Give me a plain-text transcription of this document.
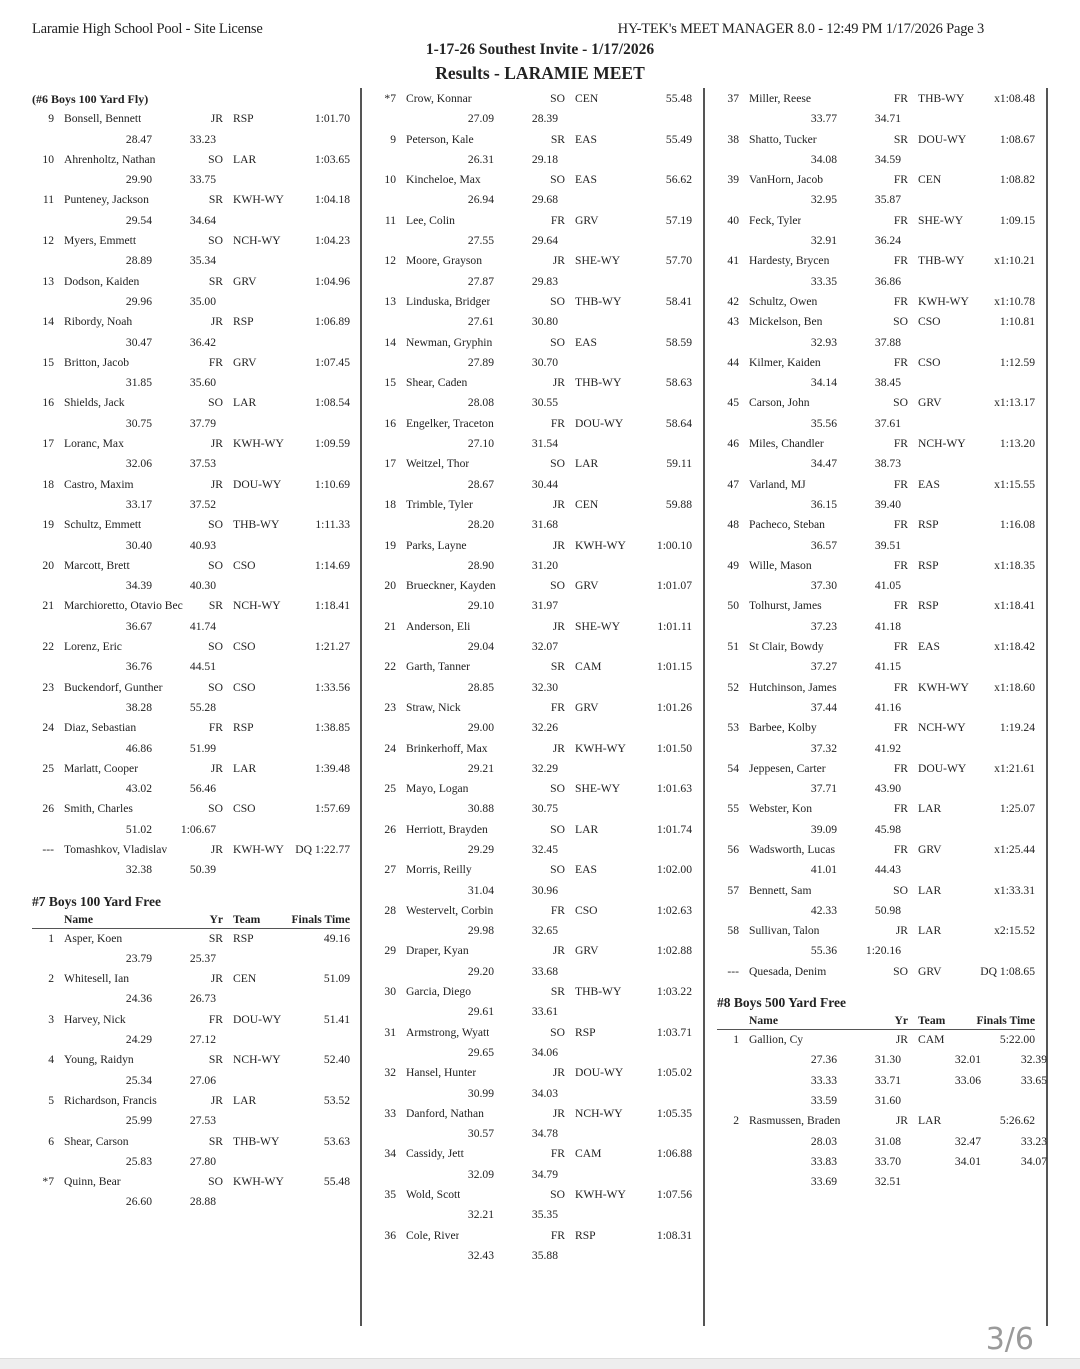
Laramie High School Pool - Site License	HY-TEK's MEET MANAGER 8.0 - 12:49 PM 1/17/2026 Page 3
1-17-26 Southest Invite - 1/17/2026
Results - LARAMIE MEET
(#6 Boys 100 Yard Fly)
9 Bonsell, Bennett	JR RSP	1:01.70
28.47	33.23
10 Ahrenholtz, Nathan	SO LAR	1:03.65
29.90	33.75
11 Punteney, Jackson	SR KWH-WY	1:04.18
29.54	34.64
12 Myers, Emmett	SO NCH-WY	1:04.23
28.89	35.34
13 Dodson, Kaiden	SR GRV	1:04.96
29.96	35.00
14 Ribordy, Noah	JR RSP	1:06.89
30.47	36.42
15 Britton, Jacob	FR GRV	1:07.45
31.85	35.60
16 Shields, Jack	SO LAR	1:08.54
30.75	37.79
17 Loranc, Max	JR KWH-WY	1:09.59
32.06	37.53
18 Castro, Maxim	JR DOU-WY	1:10.69
33.17	37.52
19 Schultz, Emmett	SO THB-WY	1:11.33
30.40	40.93
20 Marcott, Brett	SO CSO	1:14.69
34.39	40.30
21 Marchioretto, Otavio Bec	SR NCH-WY	1:18.41
36.67	41.74
22 Lorenz, Eric	SO CSO	1:21.27
36.76	44.51
23 Buckendorf, Gunther	SO CSO	1:33.56
38.28	55.28
24 Diaz, Sebastian	FR RSP	1:38.85
46.86	51.99
25 Marlatt, Cooper	JR LAR	1:39.48
43.02	56.46
26 Smith, Charles	SO CSO	1:57.69
51.02	1:06.67
--- Tomashkov, Vladislav	JR KWH-WY DQ 1:22.77
32.38	50.39
#7 Boys 100 Yard Free
Name	Yr Team	Finals Time
1 Asper, Koen	SR RSP	49.16
23.79	25.37
2 Whitesell, Ian	JR CEN	51.09
24.36	26.73
3 Harvey, Nick	FR DOU-WY	51.41
24.29	27.12
4 Young, Raidyn	SR NCH-WY	52.40
25.34	27.06
5 Richardson, Francis	JR LAR	53.52
25.99	27.53
6 Shear, Carson	SR THB-WY	53.63
25.83	27.80
*7 Quinn, Bear	SO KWH-WY	55.48
26.60	28.88
*7 Crow, Konnar	SO CEN	55.48
27.09	28.39
9 Peterson, Kale	SR EAS	55.49
26.31	29.18
10 Kincheloe, Max	SO EAS	56.62
26.94	29.68
11 Lee, Colin	FR GRV	57.19
27.55	29.64
12 Moore, Grayson	JR SHE-WY	57.70
27.87	29.83
13 Linduska, Bridger	SO THB-WY	58.41
27.61	30.80
14 Newman, Gryphin	SO EAS	58.59
27.89	30.70
15 Shear, Caden	JR THB-WY	58.63
28.08	30.55
16 Engelker, Traceton	FR DOU-WY	58.64
27.10	31.54
17 Weitzel, Thor	SO LAR	59.11
28.67	30.44
18 Trimble, Tyler	JR CEN	59.88
28.20	31.68
19 Parks, Layne	JR KWH-WY	1:00.10
28.90	31.20
20 Brueckner, Kayden	SO GRV	1:01.07
29.10	31.97
21 Anderson, Eli	JR SHE-WY	1:01.11
29.04	32.07
22 Garth, Tanner	SR CAM	1:01.15
28.85	32.30
23 Straw, Nick	FR GRV	1:01.26
29.00	32.26
24 Brinkerhoff, Max	JR KWH-WY	1:01.50
29.21	32.29
25 Mayo, Logan	SO SHE-WY	1:01.63
30.88	30.75
26 Herriott, Brayden	SO LAR	1:01.74
29.29	32.45
27 Morris, Reilly	SO EAS	1:02.00
31.04	30.96
28 Westervelt, Corbin	FR CSO	1:02.63
29.98	32.65
29 Draper, Kyan	JR GRV	1:02.88
29.20	33.68
30 Garcia, Diego	SR THB-WY	1:03.22
29.61	33.61
31 Armstrong, Wyatt	SO RSP	1:03.71
29.65	34.06
32 Hansel, Hunter	JR DOU-WY	1:05.02
30.99	34.03
33 Danford, Nathan	JR NCH-WY	1:05.35
30.57	34.78
34 Cassidy, Jett	FR CAM	1:06.88
32.09	34.79
35 Wold, Scott	SO KWH-WY	1:07.56
32.21	35.35
36 Cole, River	FR RSP	1:08.31
32.43	35.88
37 Miller, Reese	FR THB-WY	x1:08.48
33.77	34.71
38 Shatto, Tucker	SR DOU-WY	1:08.67
34.08	34.59
39 VanHorn, Jacob	FR CEN	1:08.82
32.95	35.87
40 Feck, Tyler	FR SHE-WY	1:09.15
32.91	36.24
41 Hardesty, Brycen	FR THB-WY	x1:10.21
33.35	36.86
42 Schultz, Owen	FR KWH-WY x1:10.78
43 Mickelson, Ben	SO CSO	1:10.81
32.93	37.88
44 Kilmer, Kaiden	FR CSO	1:12.59
34.14	38.45
45 Carson, John	SO GRV	x1:13.17
35.56	37.61
46 Miles, Chandler	FR NCH-WY	1:13.20
34.47	38.73
47 Varland, MJ	FR EAS	x1:15.55
36.15	39.40
48 Pacheco, Steban	FR RSP	1:16.08
36.57	39.51
49 Wille, Mason	FR RSP	x1:18.35
37.30	41.05
50 Tolhurst, James	FR RSP	x1:18.41
37.23	41.18
51 St Clair, Bowdy	FR EAS	x1:18.42
37.27	41.15
52 Hutchinson, James	FR KWH-WY x1:18.60
37.44	41.16
53 Barbee, Kolby	FR NCH-WY	1:19.24
37.32	41.92
54 Jeppesen, Carter	FR DOU-WY x1:21.61
37.71	43.90
55 Webster, Kon	FR LAR	1:25.07
39.09	45.98
56 Wadsworth, Lucas	FR GRV	x1:25.44
41.01	44.43
57 Bennett, Sam	SO LAR	x1:33.31
42.33	50.98
58 Sullivan, Talon	JR LAR	x2:15.52
55.36	1:20.16
--- Quesada, Denim	SO GRV	DQ 1:08.65
#8 Boys 500 Yard Free
Name	Yr Team	Finals Time
1 Gallion, Cy	JR CAM	5:22.00
27.36	31.30	32.01	32.39
33.33	33.71	33.06	33.65
33.59	31.60
2 Rasmussen, Braden	JR LAR	5:26.62
28.03	31.08	32.47	33.23
33.83	33.70	34.01	34.07
33.69	32.51
3/6
